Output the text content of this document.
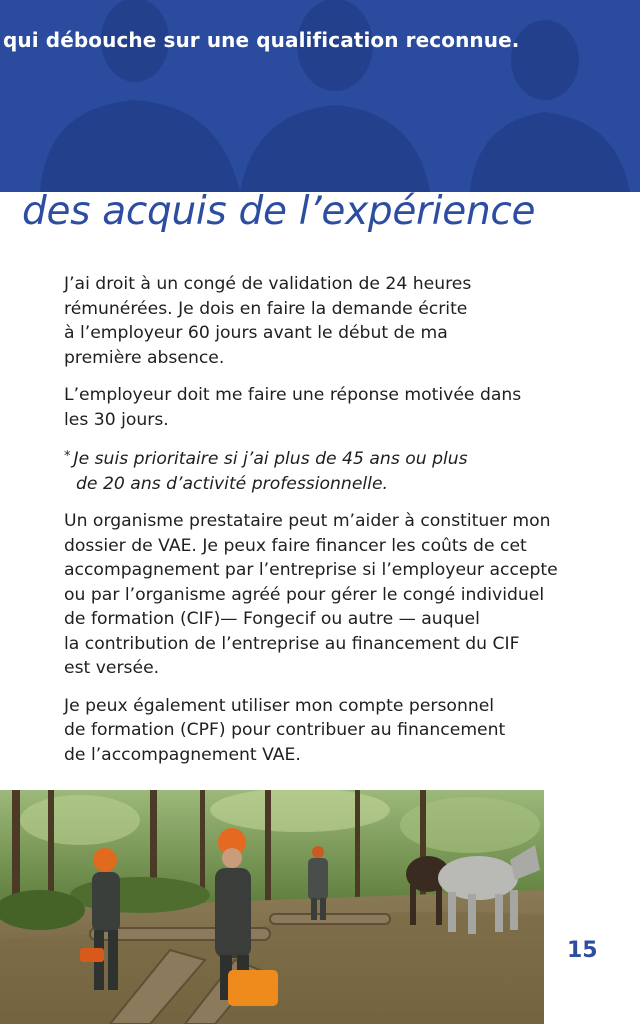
qui débouche sur une qualification reconnue.
des acquis de l’expérience

J’ai droit à un congé de validation de 24 heures
rémunérées. Je dois en faire la demande écrite
à l’employeur 60 jours avant le début de ma
première absence.

L’employeur doit me faire une réponse motivée dans
les 30 jours.

* Je suis prioritaire si j’ai plus de 45 ans ou plus
de 20 ans d’activité professionnelle.

Un organisme prestataire peut m’aider à constituer mon
dossier de VAE. Je peux faire financer les coûts de cet
accompagnement par l’entreprise si l’employeur accepte
ou par l’organisme agréé pour gérer le congé individuel
de formation (CIF)— Fongecif ou autre — auquel
la contribution de l’entreprise au financement du CIF
est versée.

Je peux également utiliser mon compte personnel
de formation (CPF) pour contribuer au financement
de l’accompagnement VAE.

15
